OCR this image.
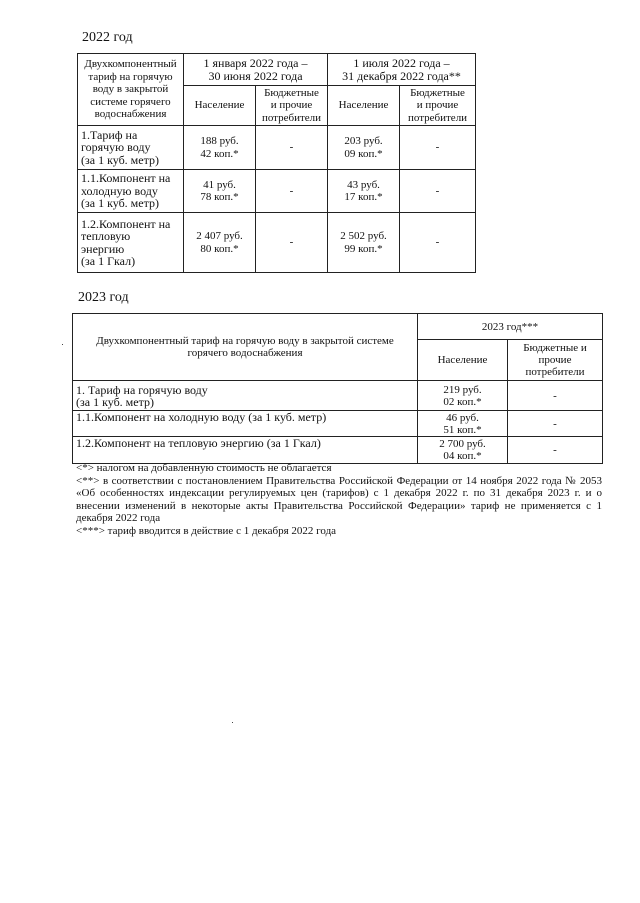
2022 год
Двухкомпонентный
тариф на горячую
воду в закрытой
системе горячего
водоснабжения	1 января 2022 года –
30 июня 2022 года		1 июля 2022 года –
31 декабря 2022 года**	
	Население	Бюджетные
и прочие
потребители	Население	Бюджетные
и прочие
потребители
1.Тариф на
горячую воду
(за 1 куб. метр)	188 руб.
42 коп.*	-	203 руб.
09 коп.*	-
1.1.Компонент на
холодную воду
(за 1 куб. метр)	41 руб.
78 коп.*	-	43 руб.
17 коп.*	-
1.2.Компонент на
тепловую
энергию
(за 1 Гкал)	2 407 руб.
80 коп.*	-	2 502 руб.
99 коп.*	-
2023 год
Двухкомпонентный тариф на горячую воду в закрытой системе
горячего водоснабжения	2023 год***	
	Население	Бюджетные и
прочие
потребители
1. Тариф на горячую воду
(за 1 куб. метр)	219 руб.
02 коп.*	-
1.1.Компонент на холодную воду (за 1 куб. метр)	46 руб.
51 коп.*	-
1.2.Компонент на тепловую энергию (за 1 Гкал)	2 700 руб.
04 коп.*	-

<*> налогом на добавленную стоимость не облагается

<**> в соответствии с постановлением Правительства Российской Федерации от 14 ноября 2022 года № 2053 «Об особенностях индексации регулируемых цен (тарифов) с 1 декабря 2022 г. по 31 декабря 2023 г. и о внесении изменений в некоторые акты Правительства Российской Федерации» тариф не применяется с 1 декабря 2022 года

<***> тариф вводится в действие с 1 декабря 2022 года
